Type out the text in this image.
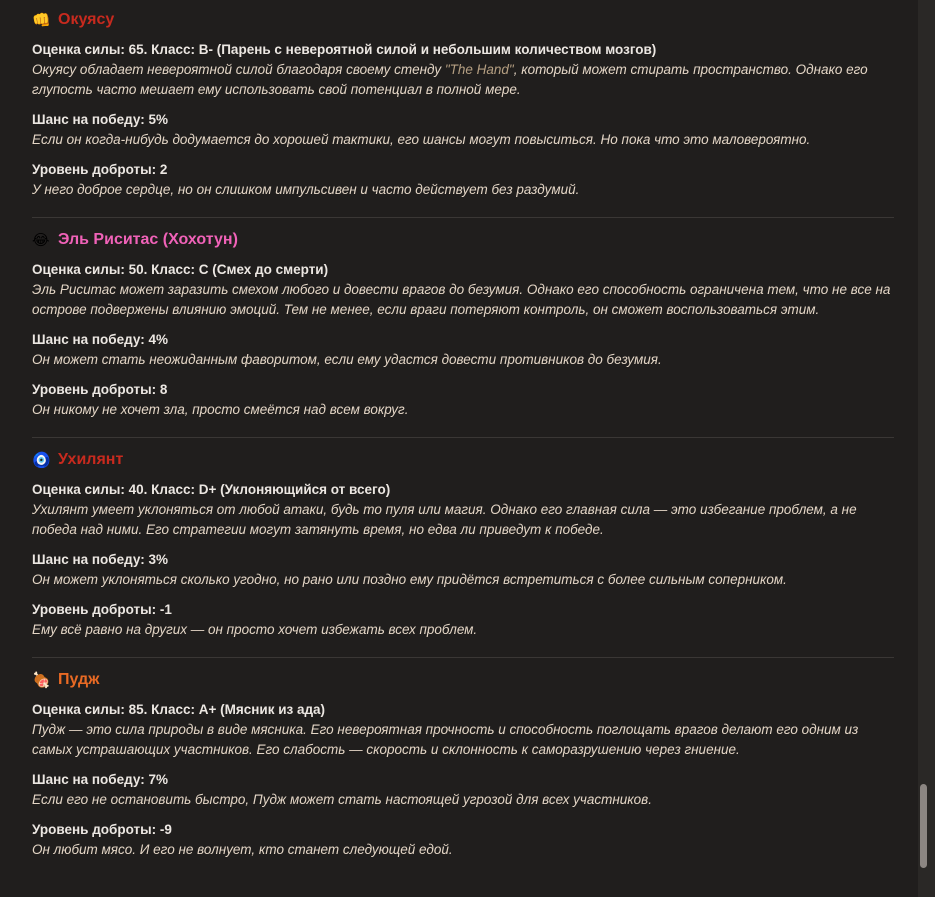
👊 Окуясу
Оценка силы: 65. Класс: B- (Парень с невероятной силой и небольшим количеством мозгов)
Окуясу обладает невероятной силой благодаря своему стенду "The Hand", который может стирать пространство. Однако его глупость часто мешает ему использовать свой потенциал в полной мере.
Шанс на победу: 5%
Если он когда-нибудь додумается до хорошей тактики, его шансы могут повыситься. Но пока что это маловероятно.
Уровень доброты: 2
У него доброе сердце, но он слишком импульсивен и часто действует без раздумий.
😂 Эль Риситас (Хохотун)
Оценка силы: 50. Класс: C (Смех до смерти)
Эль Риситас может заразить смехом любого и довести врагов до безумия. Однако его способность ограничена тем, что не все на острове подвержены влиянию эмоций. Тем не менее, если враги потеряют контроль, он сможет воспользоваться этим.
Шанс на победу: 4%
Он может стать неожиданным фаворитом, если ему удастся довести противников до безумия.
Уровень доброты: 8
Он никому не хочет зла, просто смеётся над всем вокруг.
🧿 Ухилянт
Оценка силы: 40. Класс: D+ (Уклоняющийся от всего)
Ухилянт умеет уклоняться от любой атаки, будь то пуля или магия. Однако его главная сила — это избегание проблем, а не победа над ними. Его стратегии могут затянуть время, но едва ли приведут к победе.
Шанс на победу: 3%
Он может уклоняться сколько угодно, но рано или поздно ему придётся встретиться с более сильным соперником.
Уровень доброты: -1
Ему всё равно на других — он просто хочет избежать всех проблем.
🍖 Пудж
Оценка силы: 85. Класс: A+ (Мясник из ада)
Пудж — это сила природы в виде мясника. Его невероятная прочность и способность поглощать врагов делают его одним из самых устрашающих участников. Его слабость — скорость и склонность к саморазрушению через гниение.
Шанс на победу: 7%
Если его не остановить быстро, Пудж может стать настоящей угрозой для всех участников.
Уровень доброты: -9
Он любит мясо. И его не волнует, кто станет следующей едой.
